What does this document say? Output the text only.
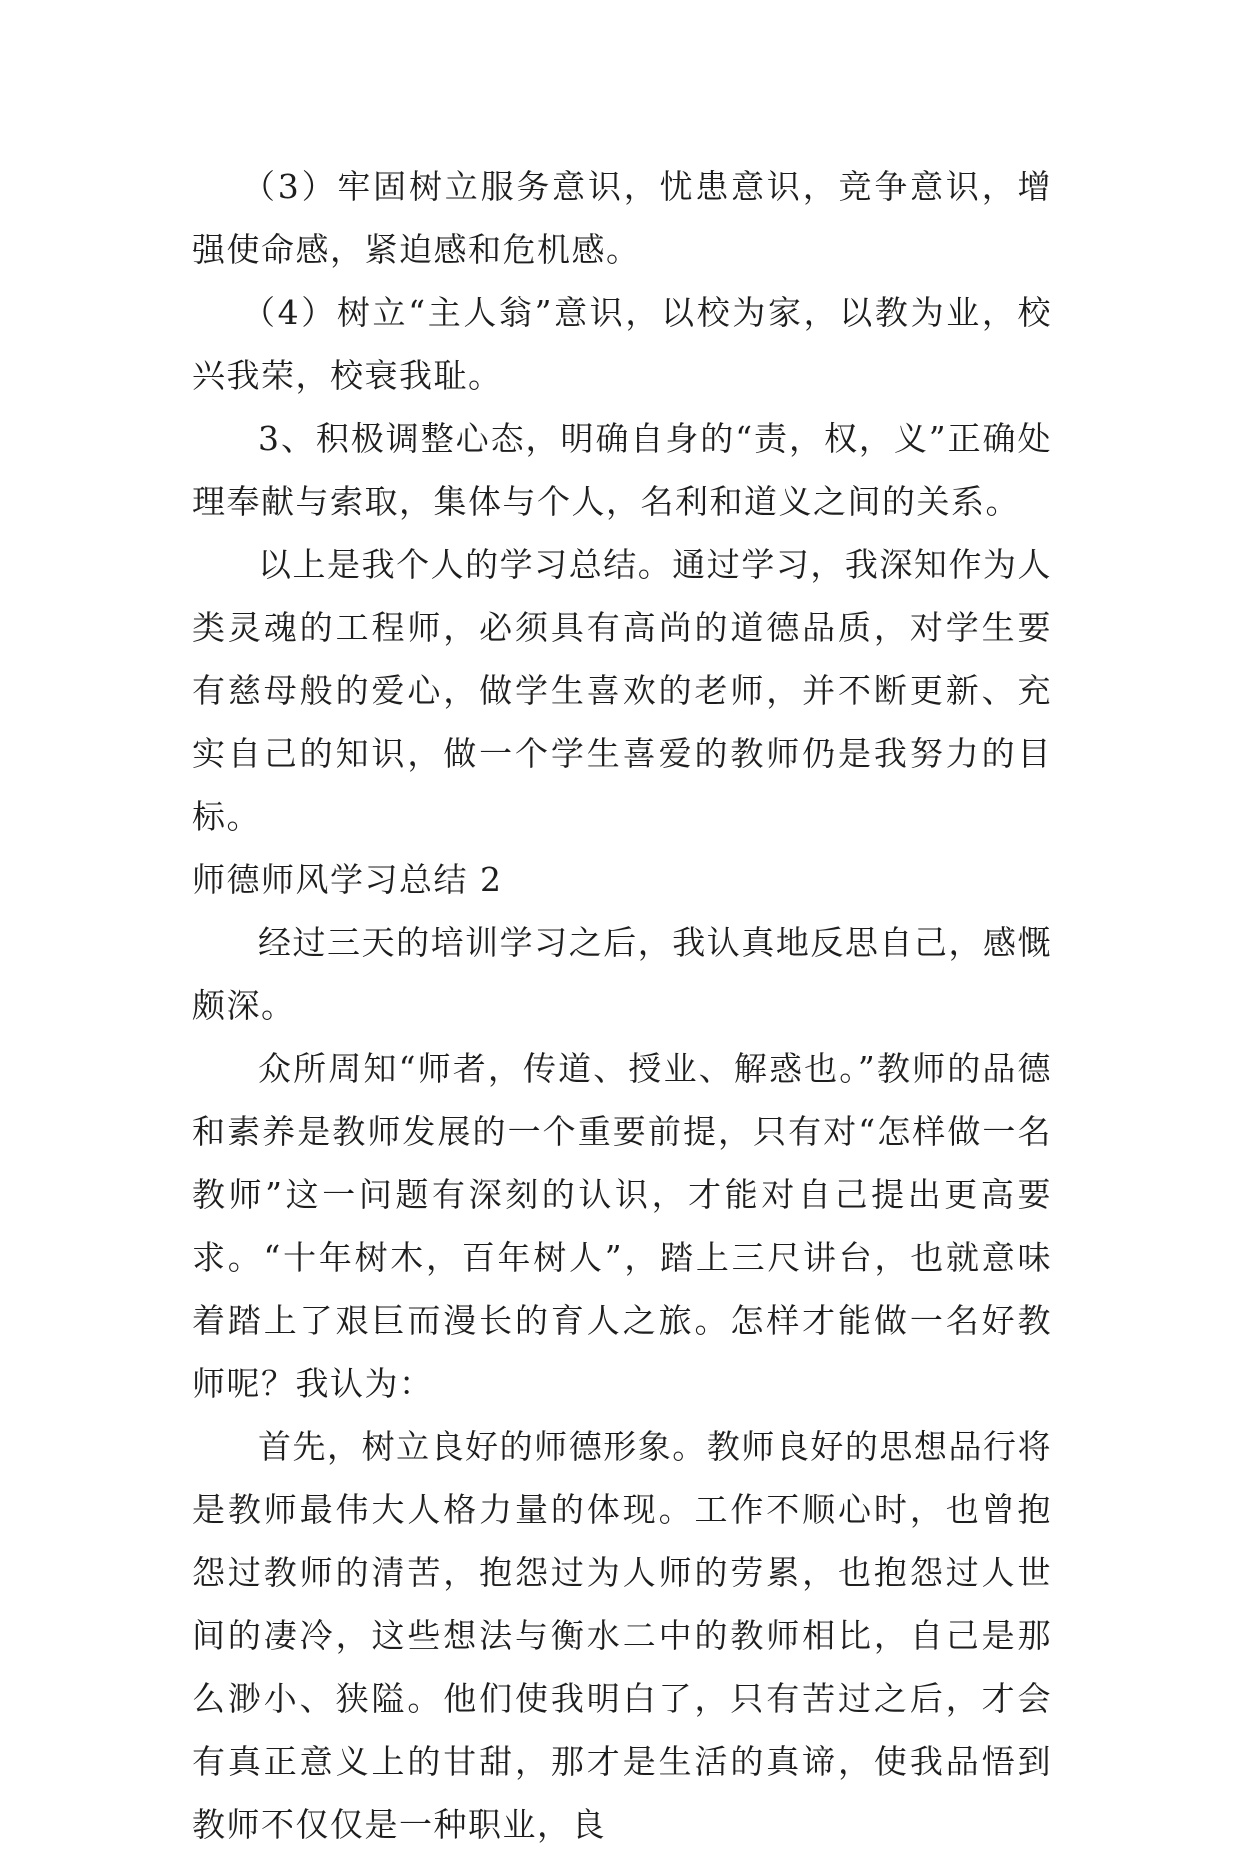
（3）牢固树立服务意识，忧患意识，竞争意识，增强使命感，紧迫感和危机感。

（4）树立“主人翁”意识，以校为家，以教为业，校兴我荣，校衰我耻。

3、积极调整心态，明确自身的“责，权，义”正确处理奉献与索取，集体与个人，名利和道义之间的关系。

以上是我个人的学习总结。通过学习，我深知作为人类灵魂的工程师，必须具有高尚的道德品质，对学生要有慈母般的爱心，做学生喜欢的老师，并不断更新、充实自己的知识，做一个学生喜爱的教师仍是我努力的目标。

师德师风学习总结 2

经过三天的培训学习之后，我认真地反思自己，感慨颇深。

众所周知“师者，传道、授业、解惑也。”教师的品德和素养是教师发展的一个重要前提，只有对“怎样做一名教师”这一问题有深刻的认识，才能对自己提出更高要求。“十年树木，百年树人”，踏上三尺讲台，也就意味着踏上了艰巨而漫长的育人之旅。怎样才能做一名好教师呢？我认为：

首先，树立良好的师德形象。教师良好的思想品行将是教师最伟大人格力量的体现。工作不顺心时，也曾抱怨过教师的清苦，抱怨过为人师的劳累，也抱怨过人世间的凄冷，这些想法与衡水二中的教师相比，自己是那么渺小、狭隘。他们使我明白了，只有苦过之后，才会有真正意义上的甘甜，那才是生活的真谛，使我品悟到教师不仅仅是一种职业，良
